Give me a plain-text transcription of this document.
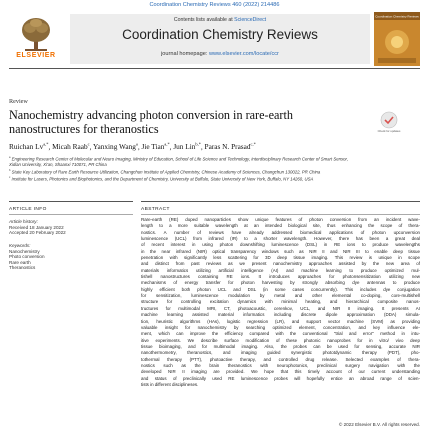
Coordination Chemistry Reviews 460 (2022) 214486
ELSEVIER
Contents lists available at ScienceDirect
Coordination Chemistry Reviews
journal homepage: www.elsevier.com/locate/ccr
Coordination Chemistry Reviews
Review
Nanochemistry advancing photon conversion in rare-earth
nanostructures for theranostics	Check for updates
Ruichan $Lv^{a,*}$, Micah Raab$^c$, Yanxing Wang$^a$, Jie Tian$^{a,*}$, Jun Lin$^{b,*}$, Paras N. Prasad$^{c,*}$
$^a$ Engineering Research Center of Molecular and Neuro Imaging, Ministry of Education, School of Life Science and Technology, Interdisciplinary Research Center of Smart Sensor,
Xidian University, Xi'an, Shaanxi 710071, PR China
$^b$ State Key Laboratory of Rare Earth Resource Utilization, Changchun Institute of Applied Chemistry, Chinese Academy of Sciences, Changchun 130022, PR China
$^c$ Institute for Lasers, Photonics and Biophotonics, and the Department of Chemistry, University at Buffalo, State University of New York, Buffalo, NY 14260, USA
ARTICLE INFO	ABSTRACT
Article history:
Received 18 January 2022
Accepted 20 February 2022
Keywords:
Nanochemistry
Photo conversion
Rare earth
Theranostics
Rare-earth (RE) doped nanoparticles show unique features of photon conversion from an incident wave-
length to a more suitable wavelength at an intended biological site, thus enhancing the scope of thera-
nostics. A number of reviews have already addressed biomedical applications of photon upconversion
luminescence (UCL) from infrared (IR) to a shorter wavelength. However, there has been a great deal
of recent interest in using photon downshifting luminescence (DSL) in RE ions to produce wavelengths
in the near infrared (NIR) optical transparency windows such as NIR II and NIR III to enable deep tissue
penetration with significantly less scattering for 3D deep tissue imaging. This review is unique in scope
and distinct from past reviews as we present nanochemistry approaches assisted by the new area of
materials informatics utilizing artificial intelligence (AI) and machine learning to produce optimized mul-
tishell nanostructures containing RE ions. It introduces approaches for photonsensitization utilizing new
mechanisms of energy transfer for photon harvesting by strongly absorbing dye antennas to produce
highly efficient both photon UCL and DSL (in some cases concurrently). This includes dye conjugation
for sensitization, luminescence modulation by metal and other elemental co-doping, core-multishell
structure for controlling excitation dynamics with minimal heating, and hierarchical composite nanos-
tructures for multimodal MRI, CT, photoacoustic, cerenkov, UCL, and NIR II imaging. It presents AI
machine learning assisted material informatics including discrete dipole approximation (DDA) simula-
tion, heuristic algorithms (HAs), logistic regression (LR), and support vector machine (SVM) as providing
valuable insight for nanochemistry by searching optimized element, concentration, and key influence ele-
ment, which can improve the efficiency compared with the conventional "trial and error" method in intu-
itive experiments. We describe surface modification of these photonic nanoprobes for in vitro/ vivo deep
tissue bioimaging, and for multimodal imaging. Also, the probes can be used for sensing, accurate NIR
nanothermometry, theranostics, and imaging guided synergistic phototdynamic therapy (PDT), pho-
tothermal therapy (PTT), photoactive therapy, and controlled drug release. Selected examples of thera-
nostics such as the brain theranostics with neurophotonics, preclinical surgery navigation with the
developed NIR II imaging are provided. We hope that this timely account of our current understanding
and status of preclinically used RE luminescence probes will hopefully entice an abroad range of scien-
tists in different disciplineses.
© 2022 Elsevier B.V. All rights reserved.
